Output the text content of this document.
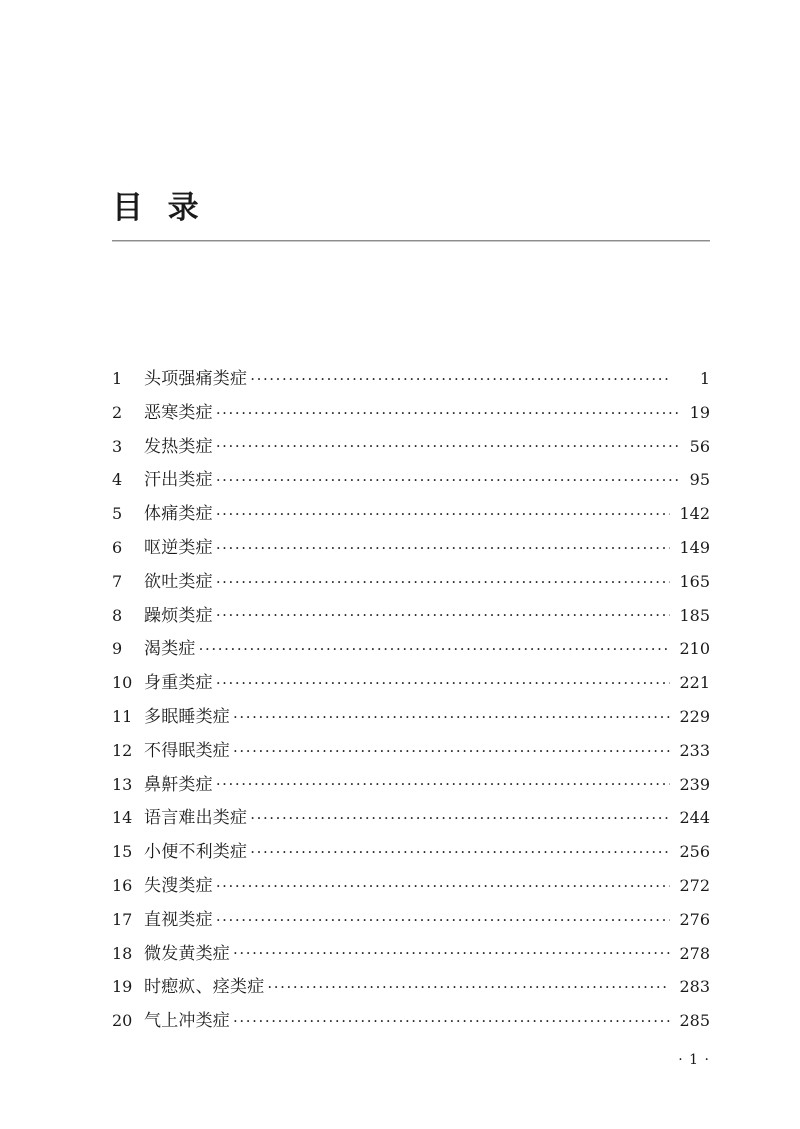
目  录
1	头项强痛类症 ·····	1
2	恶寒类症 ·····	19
3	发热类症 ·····	56
4	汗出类症 ·····	95
5	体痛类症 ·····	142
6	呕逆类症 ·····	149
7	欲吐类症 ·····	165
8	躁烦类症 ·····	185
9	渴类症 ·····	210
10 身重类症 ·····	221
11 多眠睡类症 ·····	229
12 不得眠类症 ·····	233
13 鼻鼾类症 ·····	239
14 语言难出类症 ·····	244
15 小便不利类症 ·····	256
16 失溲类症 ·····	272
17 直视类症 ·····	276
18 微发黄类症 ·····	278
19 时瘛疭、痉类症 ·····	283
20 气上冲类症 ·····	285
· 1 ·
